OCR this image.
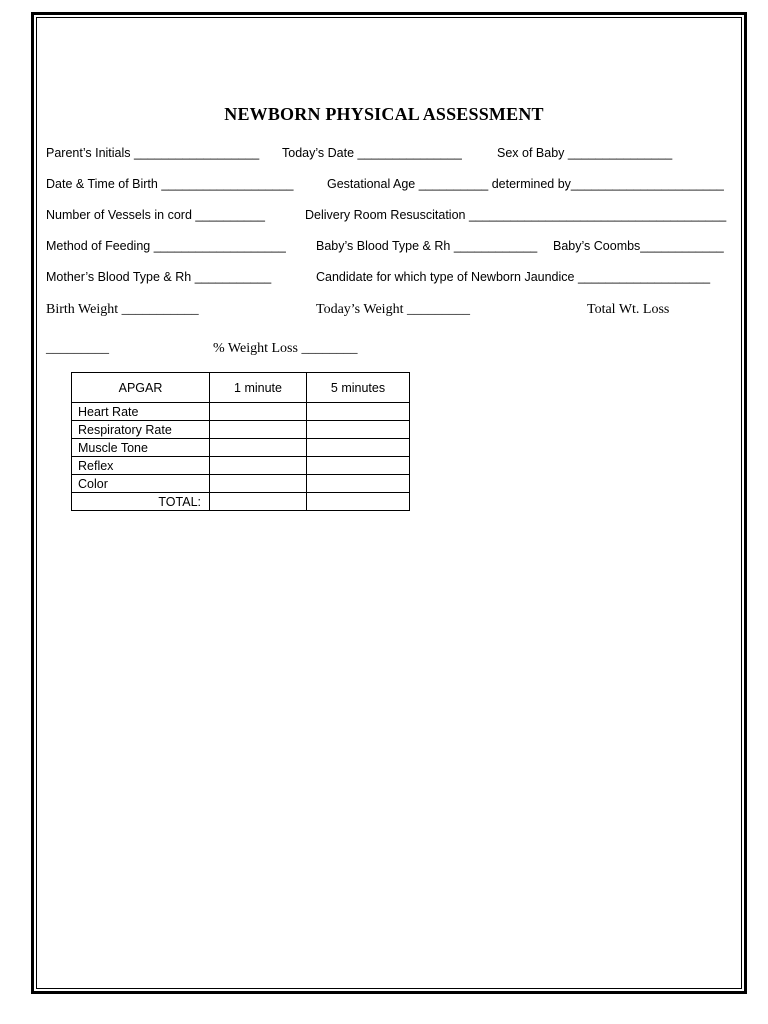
NEWBORN PHYSICAL ASSESSMENT
Parent’s Initials __________________ Today’s Date _______________	Sex of Baby _______________
Date & Time of Birth ___________________	Gestational Age __________ determined by______________________
Number of Vessels in cord __________	Delivery Room Resuscitation _____________________________________
Method of Feeding ___________________ Baby’s Blood Type & Rh ____________ Baby’s Coombs____________
Mother’s Blood Type & Rh ___________	Candidate for which type of Newborn Jaundice ___________________
Birth Weight ___________	Today’s Weight _________	Total Wt. Loss
_________	% Weight Loss ________
APGAR	1 minute	5 minutes
Heart Rate		
Respiratory Rate		
Muscle Tone		
Reflex		
Color		
TOTAL:		
